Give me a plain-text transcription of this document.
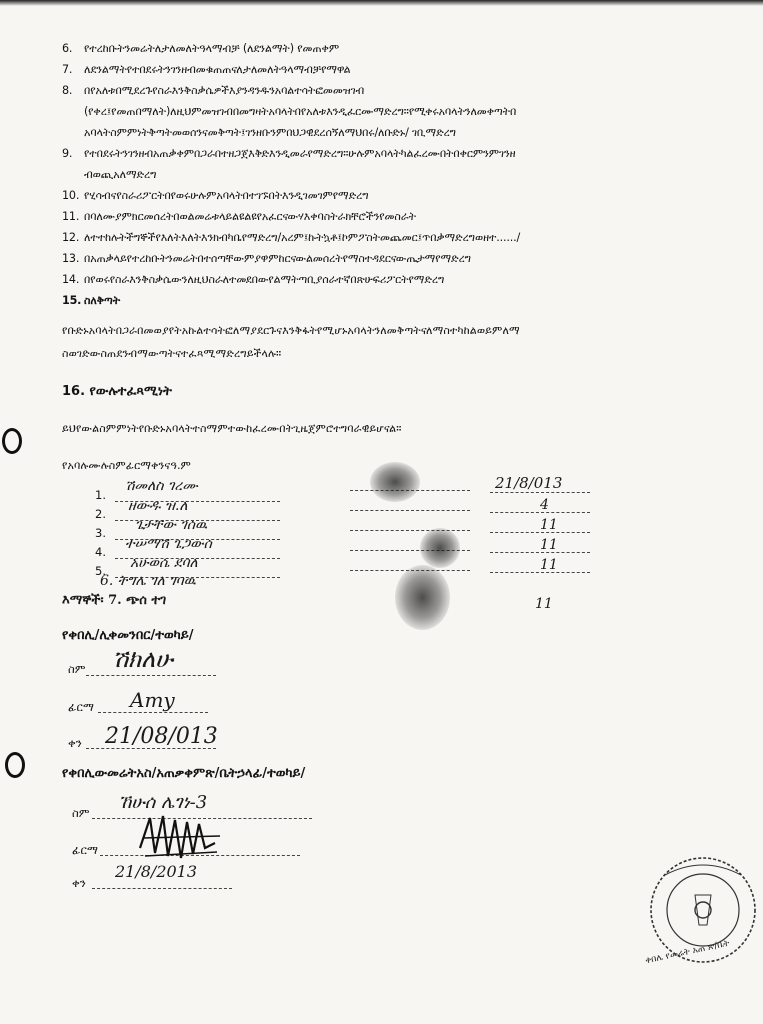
6. የተረከቡትንመሬትለታለመለትዓላማብቻ (ለደንልማት) የመጠቀም
7. ለደንልማትየተበደሩትንገንዘብመቁጠጠናለታለመለትዓላማብቻየማዋል
8. በየአለቱበሚደረጉየስራእንቅስቃሴዎችእያንዳንዱንአባልተሳትፎመመዝገብ
(የቀረ፤የመጠበማለት)ለዚህምመዝገብበመግዛትአባላትበየአለቱእንዲፈርሙማድረግ።የሚቀሩአባላትንለመቀጣትበ
አባላትስምምነትቅጣትመወሰንናመቅጣት፤ገንዘቡንምበህጋዊደረሰኝለማህበሩ/ለቡድኑ/ ገቢማድረግ
9. የተበደሩትንገንዘብአጠቃቀምበጋራበተዘጋጀእቅድእንዲመራየማድረግ።ሁሉምአባላትካልፈረሙበትበቀርምንምገንዘ
ብወጪአለማድረግ
10. የሂሳብናየስራሪፖርትበየወሩሁሉምአባላትበተገኙበትእንዲገመገምየማድረግ
11. በባለሙያምክርመሰረትበወልመሬቱላይልዩልዩየአፈርናውሃእቀባስትራክቸሮችንየመስራት
12. ለተተከሉትችግኞችየእለትእለትእንክብካቤየማድረግ/አረም፤ኩትኳቶ፤ኮምፖስትመጨመር፤ጥበቃማድረግወዘተ....../
13. በአጠቃላይየተረከቡትንመሬትበተሰጣቸውምያዋምከርናውልመሰረትየማስተዳደርናውጤታማየማድረግ
14. በየወሩየስራእንቅስቃሴውንለዚህስራለተመደበውየልማትጣቢያሰራተኛበጽሁፍሪፖርትየማድረግ
15. ስለቅጣት
የቡድኑአባላትበጋራበመወያየትአኩልተሳትፎለማያደርጉናእንቅፋትየሚሆኑአባላትንለመቅጣትናለማስተካከልወይምለማ
ስወገድውስጠደንብማውጣትናተፈጻሚማድረግይችላሉ።
16. የውሉተፈጻሚነት
ይህየውልስምምነትየቡድኑአባላትተስማምተውከፈረሙበትጊዜጀምሮተግባራዊይሆናል።
የአባሉሙሉስምፊርማቀንናዓ.ም
1.
2.
3.
4.
5.
ሽመለስ ገረሙ
ዘውዱ ዝ.ለ
ጌታቸው ገሰዉ
ተሠማሽ ጌጋውሰ
አሁወሴ ደባለ
6. ትግሌ ገለ ገባዉ
እማኞች፡ 7. ጭሰ ተገ
21/8/013
4
11
11
11
11
የቀበሊ/ሊቀመንበር/ተወካይ/
ስም ሽክለሁ
ፊርማ Amy
ቀን 21/08/013
የቀበሊውመሬትአስ/አጠቃቀምጽ/ቤትኃላፊ/ተወካይ/
ስም ኸሁሰ ሌገነ-3
ፊርማ
ቀን
21/8/2013
ቀበሌ የመሬት አጠ ጽ/ቤት
